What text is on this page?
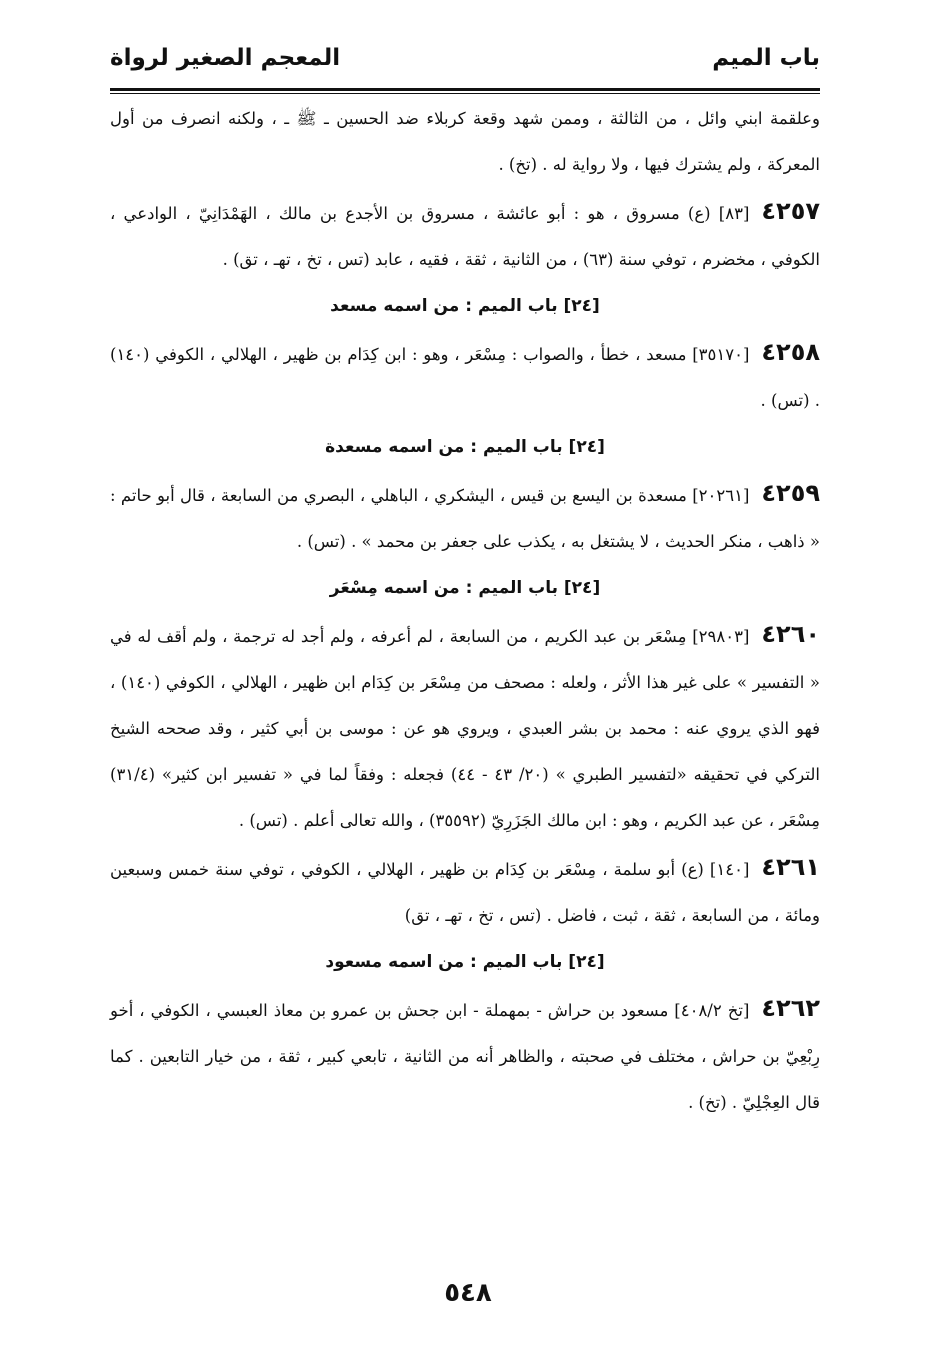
باب الميم
المعجم الصغير لرواة

وعلقمة ابني وائل ، من الثالثة ، وممن شهد وقعة كربلاء ضد الحسين ـ ﷺ ـ ، ولكنه انصرف من أول المعركة ، ولم يشترك فيها ، ولا رواية له . (تخ) .

٤٢٥٧[٨٣] (ع) مسروق ، هو : أبو عائشة ، مسروق بن الأجدع بن مالك ، الهَمْدَانِيّ ، الوادعي ، الكوفي ، مخضرم ، توفي سنة (٦٣) ، من الثانية ، ثقة ، فقيه ، عابد (تس ، تخ ، تهـ ، تق) .

[٢٤] باب الميم : من اسمه مسعد

٤٢٥٨[٣٥١٧٠] مسعد ، خطأ ، والصواب : مِسْعَر ، وهو : ابن كِدَام بن ظهير ، الهلالي ، الكوفي (١٤٠) . (تس) .

[٢٤] باب الميم : من اسمه مسعدة

٤٢٥٩[٢٠٢٦١] مسعدة بن اليسع بن قيس ، اليشكري ، الباهلي ، البصري من السابعة ، قال أبو حاتم : « ذاهب ، منكر الحديث ، لا يشتغل به ، يكذب على جعفر بن محمد » . (تس) .

[٢٤] باب الميم : من اسمه مِسْعَر

٤٢٦٠[٢٩٨٠٣] مِسْعَر بن عبد الكريم ، من السابعة ، لم أعرفه ، ولم أجد له ترجمة ، ولم أقف له في « التفسير » على غير هذا الأثر ، ولعله : مصحف من مِسْعَر بن كِدَام ابن ظهير ، الهلالي ، الكوفي (١٤٠) ، فهو الذي يروي عنه : محمد بن بشر العبدي ، ويروي هو عن : موسى بن أبي كثير ، وقد صححه الشيخ التركي في تحقيقه «لتفسير الطبري » (٢٠/ ٤٣ - ٤٤) فجعله : وفقاً لما في « تفسير ابن كثير» (٣١/٤) مِسْعَر ، عن عبد الكريم ، وهو : ابن مالك الجَزَرِيّ (٣٥٥٩٢) ، والله تعالى أعلم . (تس) .

٤٢٦١[١٤٠] (ع) أبو سلمة ، مِسْعَر بن كِدَام بن ظهير ، الهلالي ، الكوفي ، توفي سنة خمس وسبعين ومائة ، من السابعة ، ثقة ، ثبت ، فاضل . (تس ، تخ ، تهـ ، تق)

[٢٤] باب الميم : من اسمه مسعود

٤٢٦٢[تخ ٤٠٨/٢] مسعود بن حراش - بمهملة - ابن جحش بن عمرو بن معاذ العبسي ، الكوفي ، أخو رِبْعِيّ بن حراش ، مختلف في صحبته ، والظاهر أنه من الثانية ، تابعي كبير ، ثقة ، من خيار التابعين . كما قال العِجْلِيّ . (تخ) .

٥٤٨
